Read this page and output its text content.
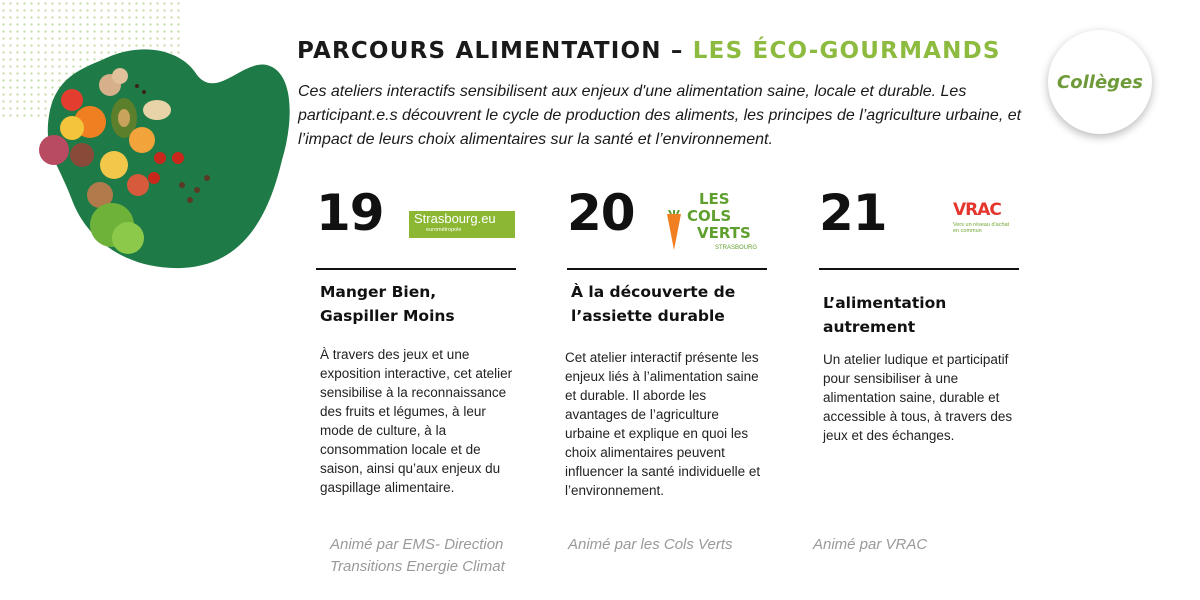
PARCOURS ALIMENTATION – LES ÉCO-GOURMANDS

Ces ateliers interactifs sensibilisent aux enjeux d'une alimentation saine, locale et durable. Les participant.e.s découvrent le cycle de production des aliments, les principes de l’agriculture urbaine, et l’impact de leurs choix alimentaires sur la santé et l’environnement.

Collèges
19 Strasbourg.eu
eurométropole
Manger Bien,
Gaspiller Moins

À travers des jeux et une exposition interactive, cet atelier sensibilise à la reconnaissance des fruits et légumes, à leur mode de culture, à la consommation locale et de saison, ainsi qu’aux enjeux du gaspillage alimentaire.

Animé par EMS- Direction
Transitions Energie Climat

20	LES
COLS
VERTS
STRASBOURG
À la découverte de
l’assiette durable

Cet atelier interactif présente les enjeux liés à l’alimentation saine et durable. Il aborde les avantages de l’agriculture urbaine et explique en quoi les choix alimentaires peuvent influencer la santé individuelle et l’environnement.

Animé par les Cols Verts

21	VRAC
Vers un réseau d'achat en commun
L’alimentation
autrement

Un atelier ludique et participatif pour sensibiliser à une alimentation saine, durable et accessible à tous, à travers des jeux et des échanges.

Animé par VRAC
